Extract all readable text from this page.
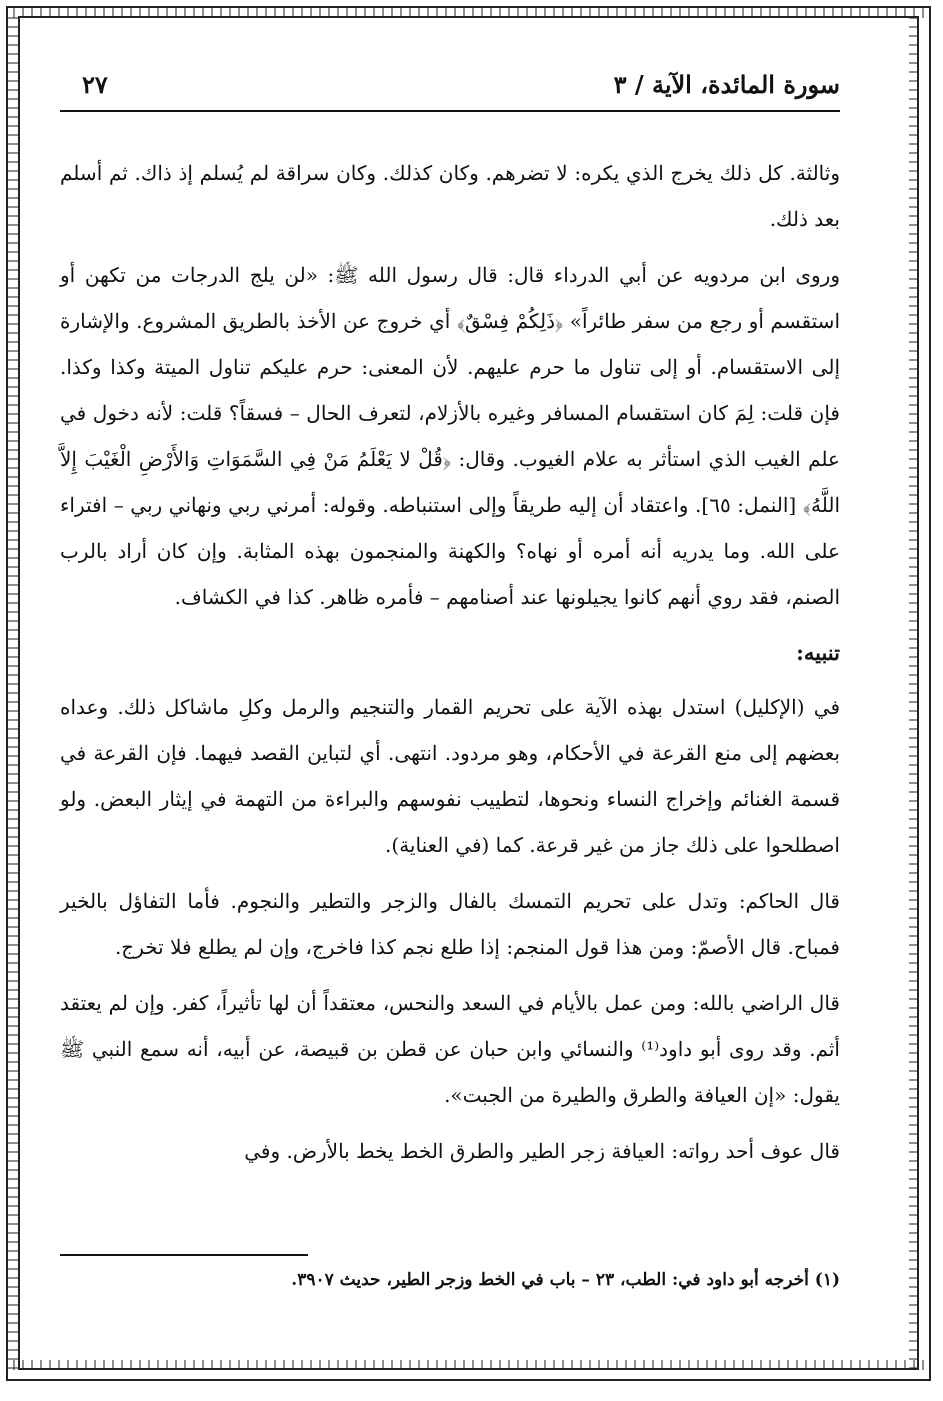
سورة المائدة، الآية / ٣
٢٧

وثالثة. كل ذلك يخرج الذي يكره: لا تضرهم. وكان كذلك. وكان سراقة لم يُسلم إذ ذاك. ثم أسلم بعد ذلك.

وروى ابن مردويه عن أبي الدرداء قال: قال رسول الله ﷺ: «لن يلج الدرجات من تكهن أو استقسم أو رجع من سفر طائراً» ﴿ذَلِكُمْ فِسْقٌ﴾ أي خروج عن الأخذ بالطريق المشروع. والإشارة إلى الاستقسام. أو إلى تناول ما حرم عليهم. لأن المعنى: حرم عليكم تناول الميتة وكذا وكذا. فإن قلت: لِمَ كان استقسام المسافر وغيره بالأزلام، لتعرف الحال – فسقاً؟ قلت: لأنه دخول في علم الغيب الذي استأثر به علام الغيوب. وقال: ﴿قُلْ لا يَعْلَمُ مَنْ فِي السَّمَوَاتِ وَالأَرْضِ الْغَيْبَ إِلاَّ اللَّهُ﴾ [النمل: ٦٥]. واعتقاد أن إليه طريقاً وإلى استنباطه. وقوله: أمرني ربي ونهاني ربي – افتراء على الله. وما يدريه أنه أمره أو نهاه؟ والكهنة والمنجمون بهذه المثابة. وإن كان أراد بالرب الصنم، فقد روي أنهم كانوا يجيلونها عند أصنامهم – فأمره ظاهر. كذا في الكشاف.

تنبيه:

في (الإكليل) استدل بهذه الآية على تحريم القمار والتنجيم والرمل وكلِ ماشاكل ذلك. وعداه بعضهم إلى منع القرعة في الأحكام، وهو مردود. انتهى. أي لتباين القصد فيهما. فإن القرعة في قسمة الغنائم وإخراج النساء ونحوها، لتطييب نفوسهم والبراءة من التهمة في إيثار البعض. ولو اصطلحوا على ذلك جاز من غير قرعة. كما (في العناية).

قال الحاكم: وتدل على تحريم التمسك بالفال والزجر والتطير والنجوم. فأما التفاؤل بالخير فمباح. قال الأصمّ: ومن هذا قول المنجم: إذا طلع نجم كذا فاخرج، وإن لم يطلع فلا تخرج.

قال الراضي بالله: ومن عمل بالأيام في السعد والنحس، معتقداً أن لها تأثيراً، كفر. وإن لم يعتقد أثم. وقد روى أبو داود⁽¹⁾ والنسائي وابن حبان عن قطن بن قبيصة، عن أبيه، أنه سمع النبي ﷺ يقول: «إن العيافة والطرق والطيرة من الجبت».

قال عوف أحد رواته: العيافة زجر الطير والطرق الخط يخط بالأرض. وفي

(١) أخرجه أبو داود في: الطب، ٢٣ – باب في الخط وزجر الطير، حديث ٣٩٠٧.
